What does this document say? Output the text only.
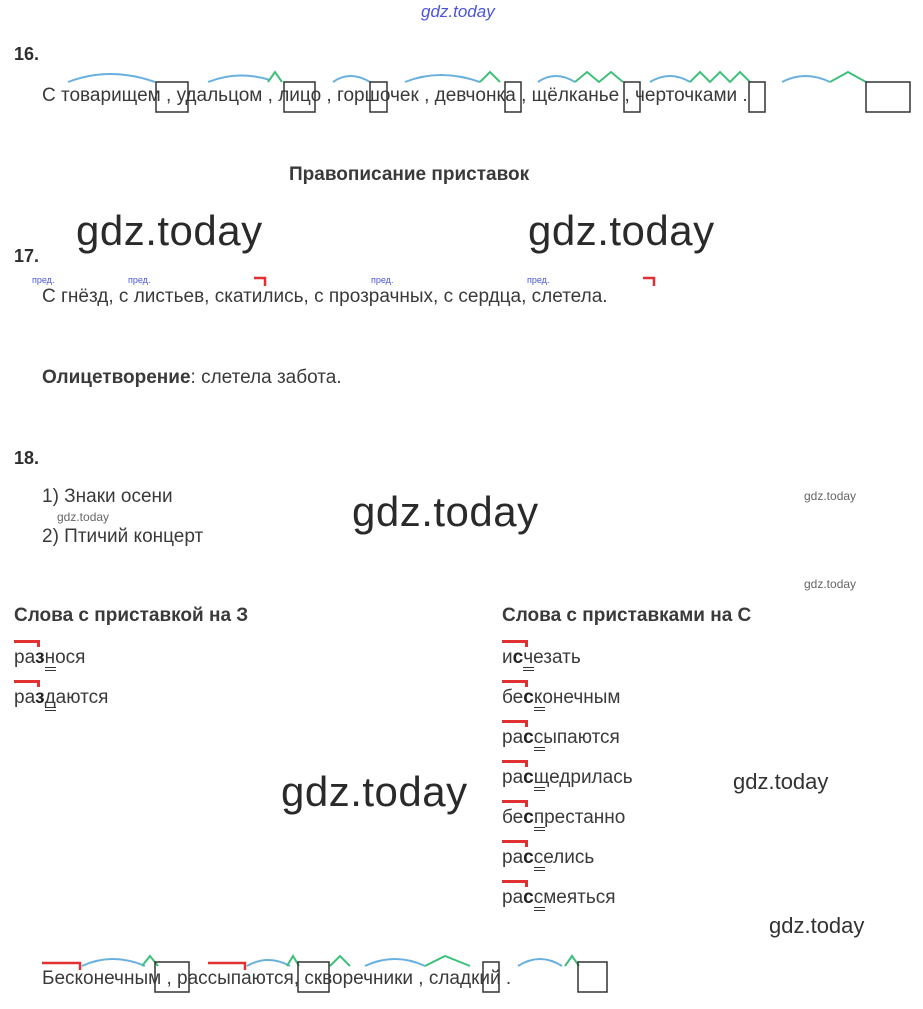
gdz.today
16.
С товарищем , удальцом , лицо , горшочек , девчонка , щёлканье , черточками .
Правописание приставок
gdz.today	gdz.today
17.
пред.	пред.	пред.	пред.
С гнёзд, с листьев, скатились, с прозрачных, с сердца, слетела.
Олицетворение: слетела забота.
18.
1) Знаки осени
gdz.today
2) Птичий концерт
gdz.today	gdz.today
gdz.today
Слова с приставкой на З	Слова с приставками на С
разнося
раздаются
исчезать
бесконечным
рассыпаются
расщедрилась
беспрестанно
расселись
рассмеяться
gdz.today	gdz.today
gdz.today
Бесконечным , рассыпаются, скворечники , сладкий .
